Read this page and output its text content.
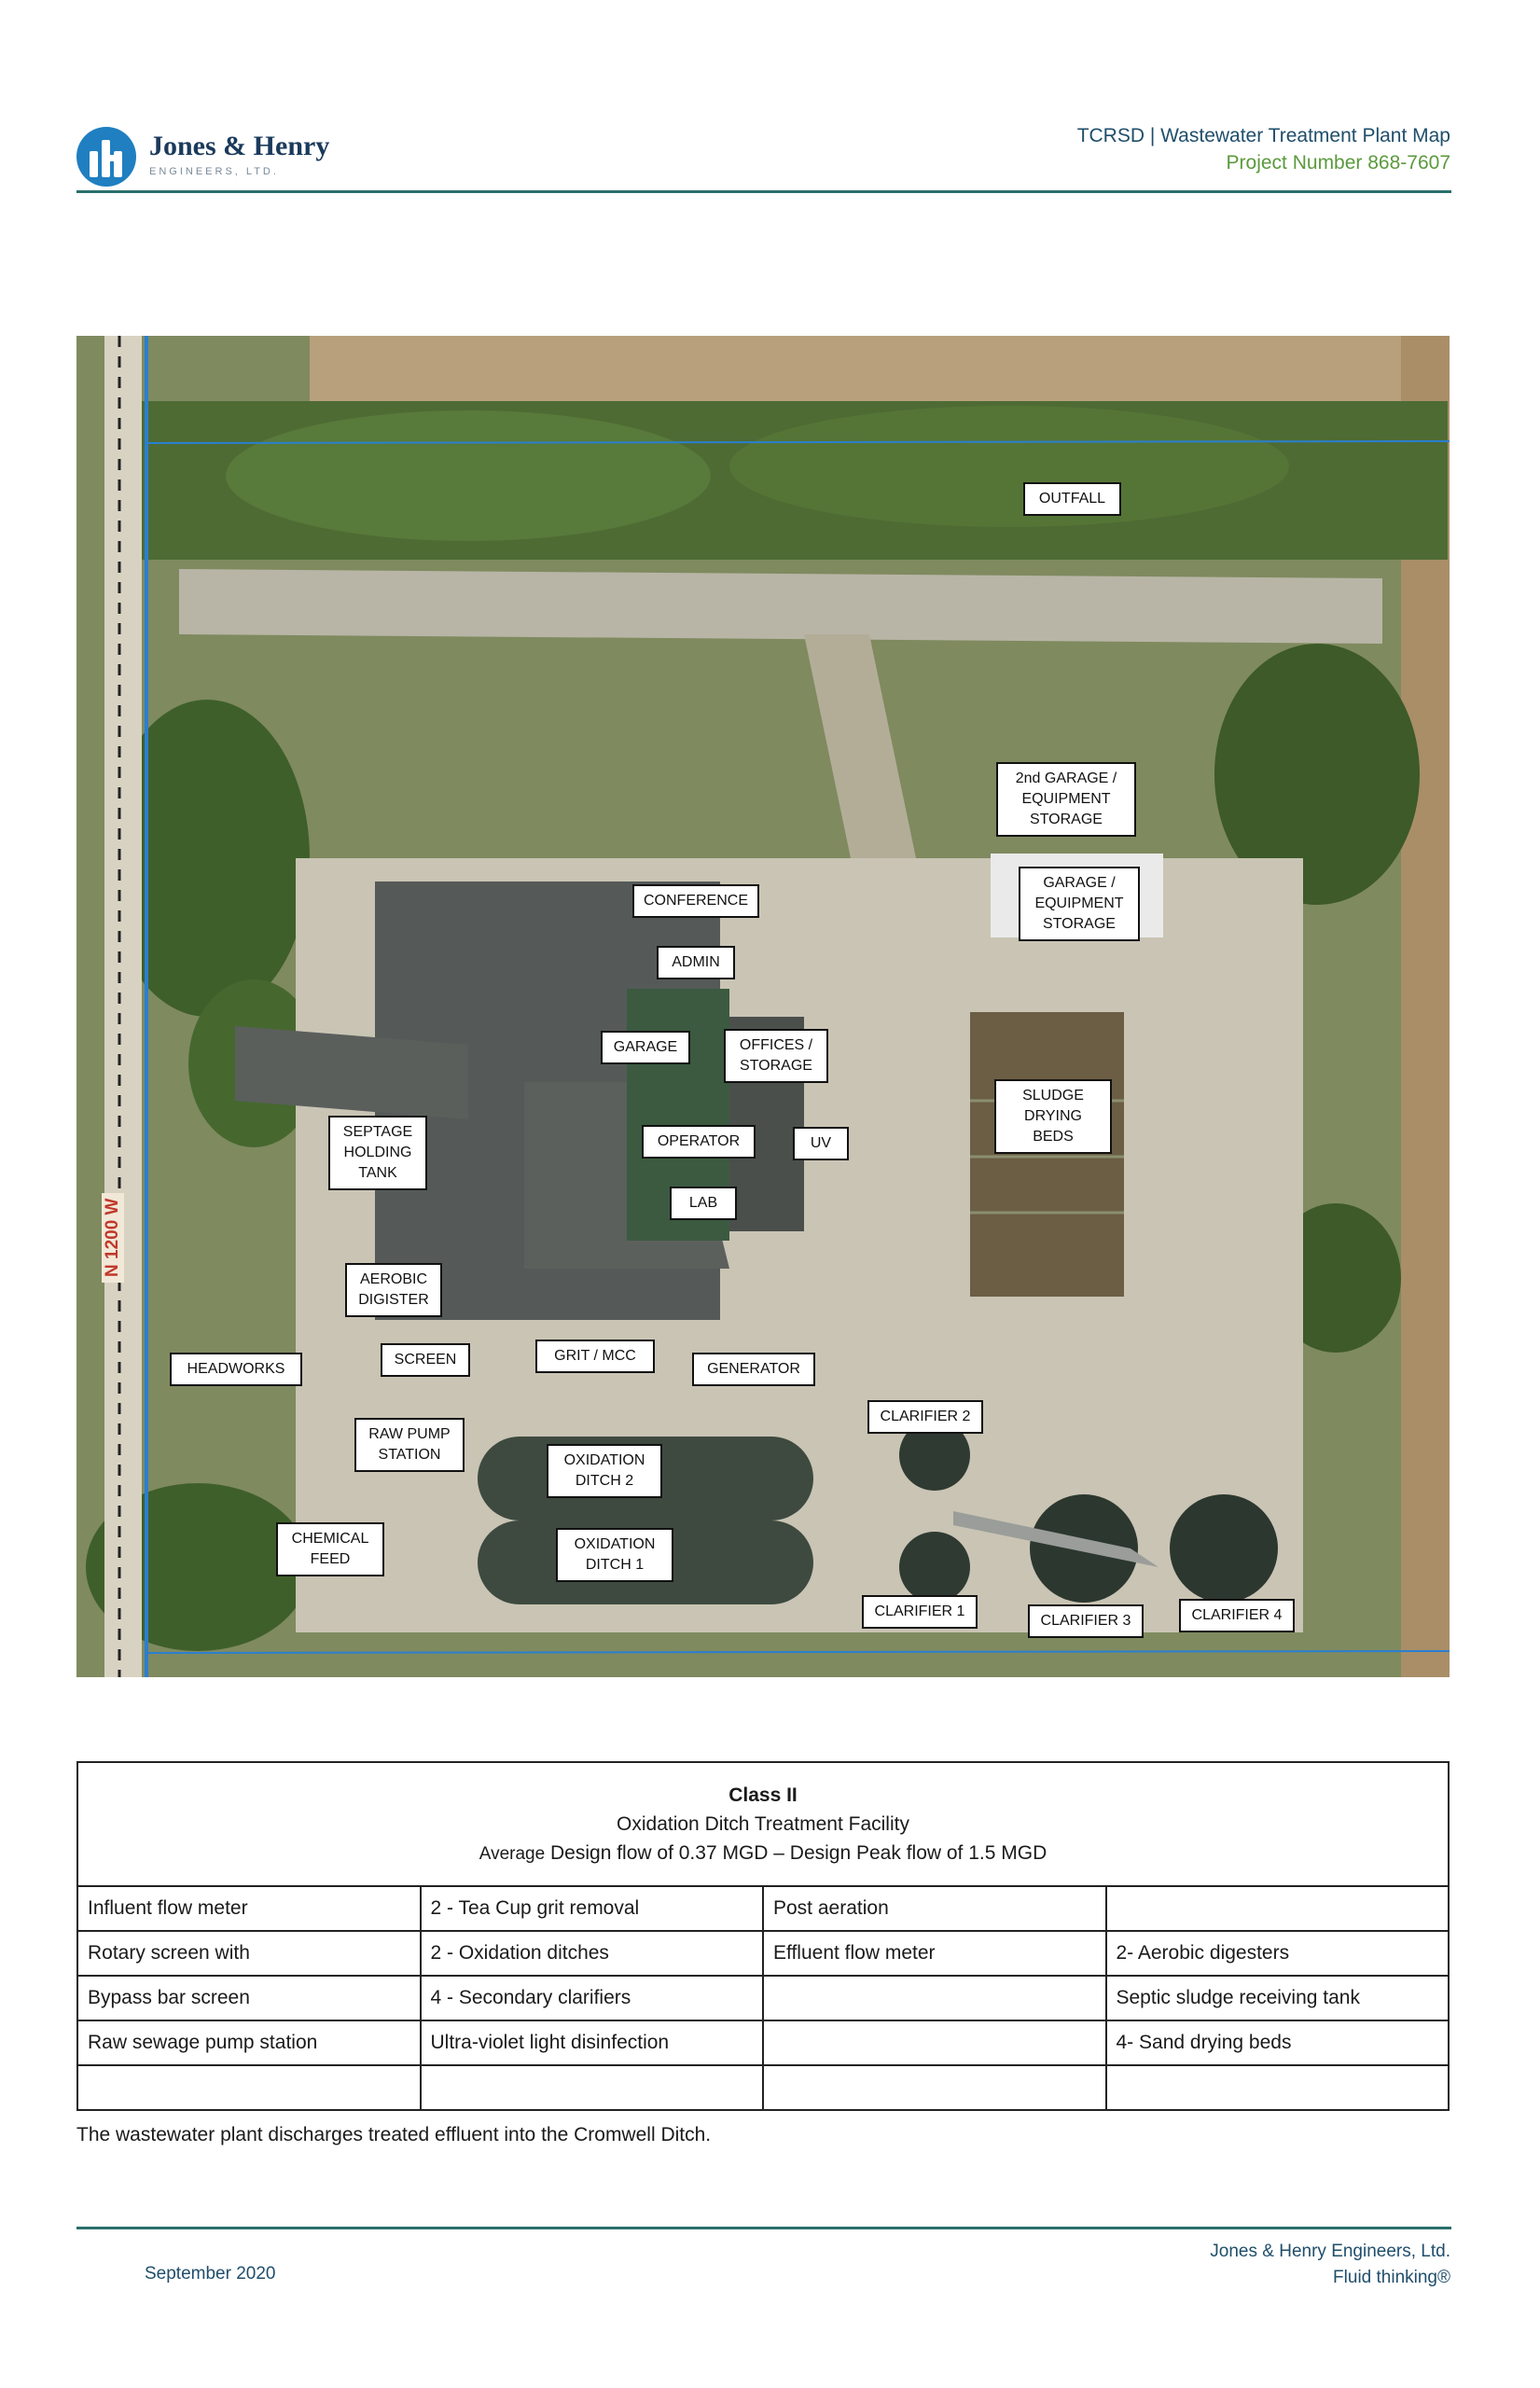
Jones & Henry
ENGINEERS, LTD.
TCRSD | Wastewater Treatment Plant Map
Project Number 868-7607
N 1200 W
OUTFALL
2nd GARAGE /
EQUIPMENT
STORAGE
GARAGE /
EQUIPMENT
STORAGE
CONFERENCE
ADMIN
GARAGE	OFFICES /
STORAGE
SLUDGE
DRYING
BEDS
SEPTAGE
HOLDING
TANK
OPERATOR	UV
LAB
AEROBIC
DIGISTER
HEADWORKS
SCREEN	GRIT / MCC
GENERATOR
CLARIFIER 2
RAW PUMP
STATION	OXIDATION
DITCH 2
CHEMICAL
FEED
OXIDATION
DITCH 1
CLARIFIER 1
CLARIFIER 3	CLARIFIER 4
Class II
Oxidation Ditch Treatment Facility
Average Design flow of 0.37 MGD – Design Peak flow of 1.5 MGD			

Influent flow meter	2 - Tea Cup grit removal	Post aeration	
Rotary screen with	2 - Oxidation ditches	Effluent flow meter	2- Aerobic digesters
Bypass bar screen	4 - Secondary clarifiers		Septic sludge receiving tank
Raw sewage pump station	Ultra-violet light disinfection		4- Sand drying beds

The wastewater plant discharges treated effluent into the Cromwell Ditch.
September 2020
Jones & Henry Engineers, Ltd.
Fluid thinking®
